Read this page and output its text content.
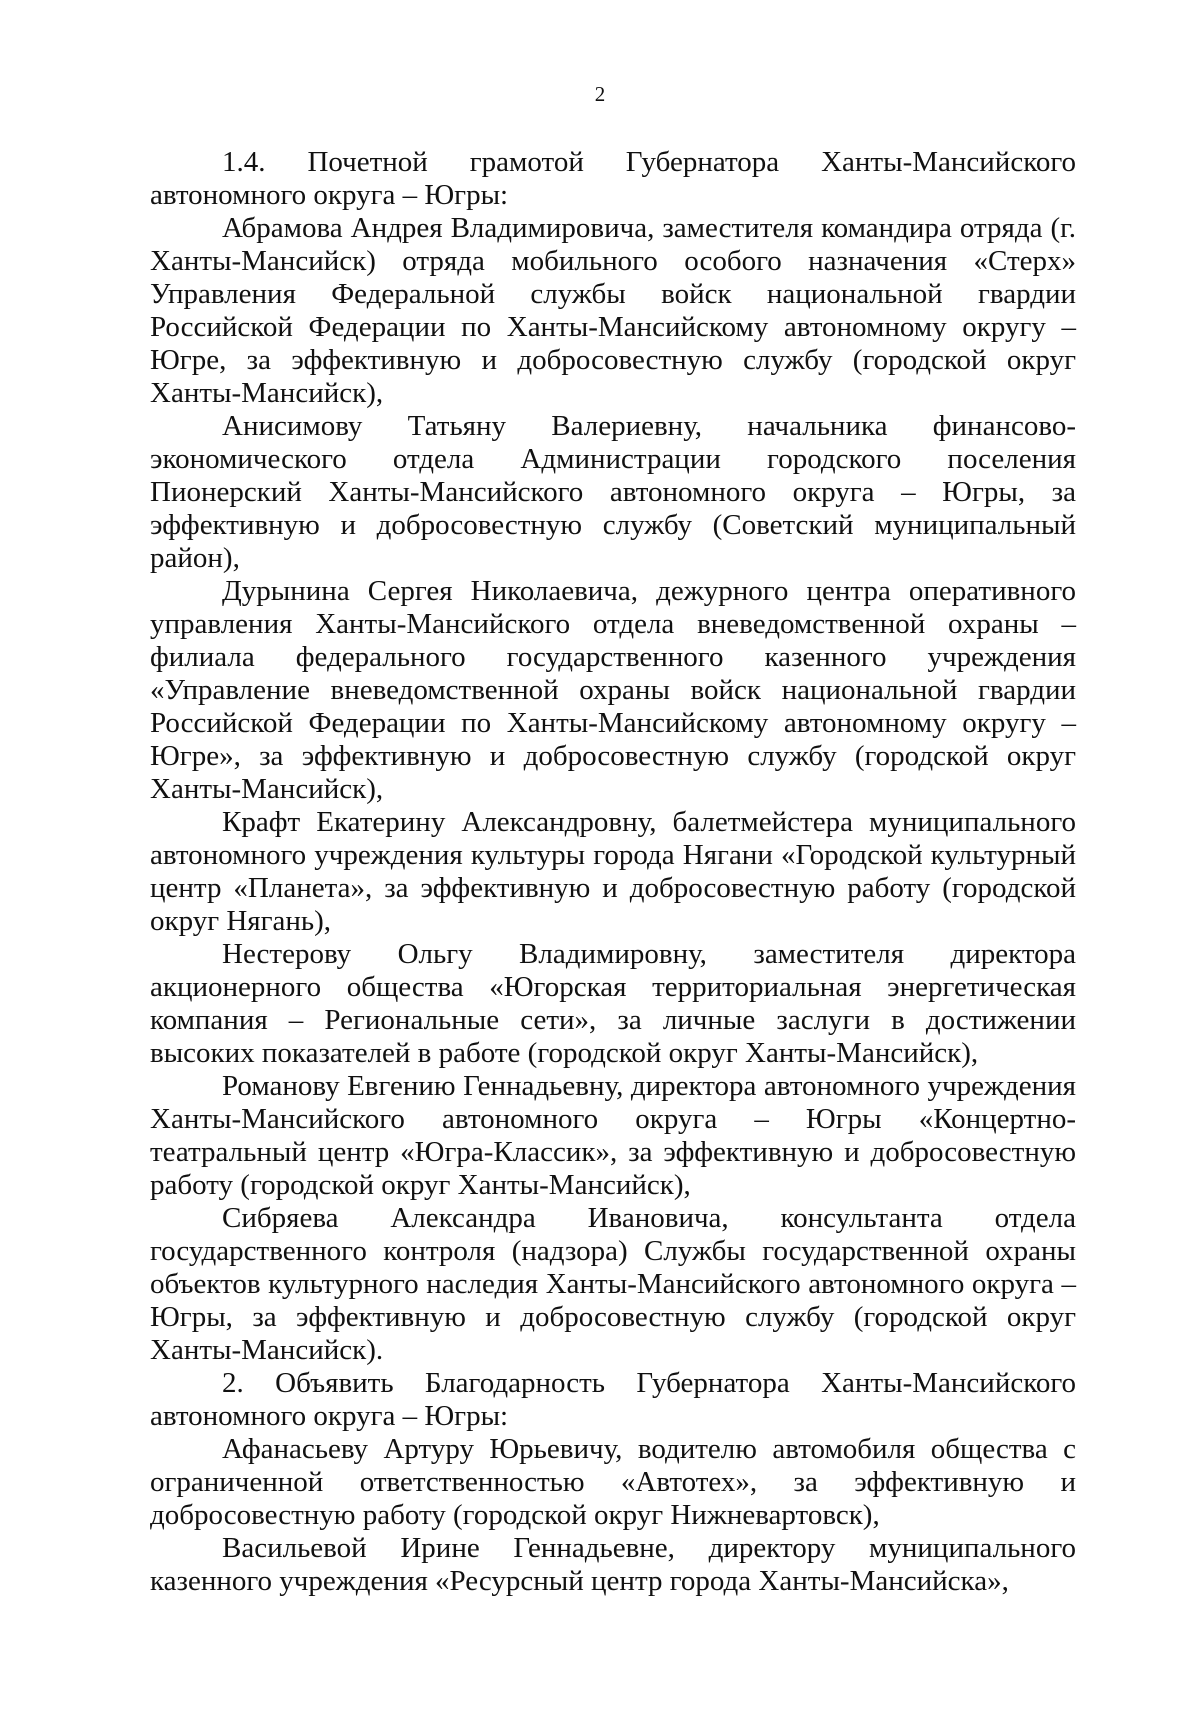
2

1.4. Почетной грамотой Губернатора Ханты-Мансийского автономного округа – Югры:

Абрамова Андрея Владимировича, заместителя командира отряда (г. Ханты-Мансийск) отряда мобильного особого назначения «Стерх» Управления Федеральной службы войск национальной гвардии Российской Федерации по Ханты-Мансийскому автономному округу – Югре, за эффективную и добросовестную службу (городской округ Ханты-Мансийск),

Анисимову Татьяну Валериевну, начальника финансово-экономического отдела Администрации городского поселения Пионерский Ханты-Мансийского автономного округа – Югры, за эффективную и добросовестную службу (Советский муниципальный район),

Дурынина Сергея Николаевича, дежурного центра оперативного управления Ханты-Мансийского отдела вневедомственной охраны – филиала федерального государственного казенного учреждения «Управление вневедомственной охраны войск национальной гвардии Российской Федерации по Ханты-Мансийскому автономному округу – Югре», за эффективную и добросовестную службу (городской округ Ханты-Мансийск),

Крафт Екатерину Александровну, балетмейстера муниципального автономного учреждения культуры города Нягани «Городской культурный центр «Планета», за эффективную и добросовестную работу (городской округ Нягань),

Нестерову Ольгу Владимировну, заместителя директора акционерного общества «Югорская территориальная энергетическая компания – Региональные сети», за личные заслуги в достижении высоких показателей в работе (городской округ Ханты-Мансийск),

Романову Евгению Геннадьевну, директора автономного учреждения Ханты-Мансийского автономного округа – Югры «Концертно-театральный центр «Югра-Классик», за эффективную и добросовестную работу (городской округ Ханты-Мансийск),

Сибряева Александра Ивановича, консультанта отдела государственного контроля (надзора) Службы государственной охраны объектов культурного наследия Ханты-Мансийского автономного округа – Югры, за эффективную и добросовестную службу (городской округ Ханты-Мансийск).

2. Объявить Благодарность Губернатора Ханты-Мансийского автономного округа – Югры:

Афанасьеву Артуру Юрьевичу, водителю автомобиля общества с ограниченной ответственностью «Автотех», за эффективную и добросовестную работу (городской округ Нижневартовск),

Васильевой Ирине Геннадьевне, директору муниципального казенного учреждения «Ресурсный центр города Ханты-Мансийска»,
